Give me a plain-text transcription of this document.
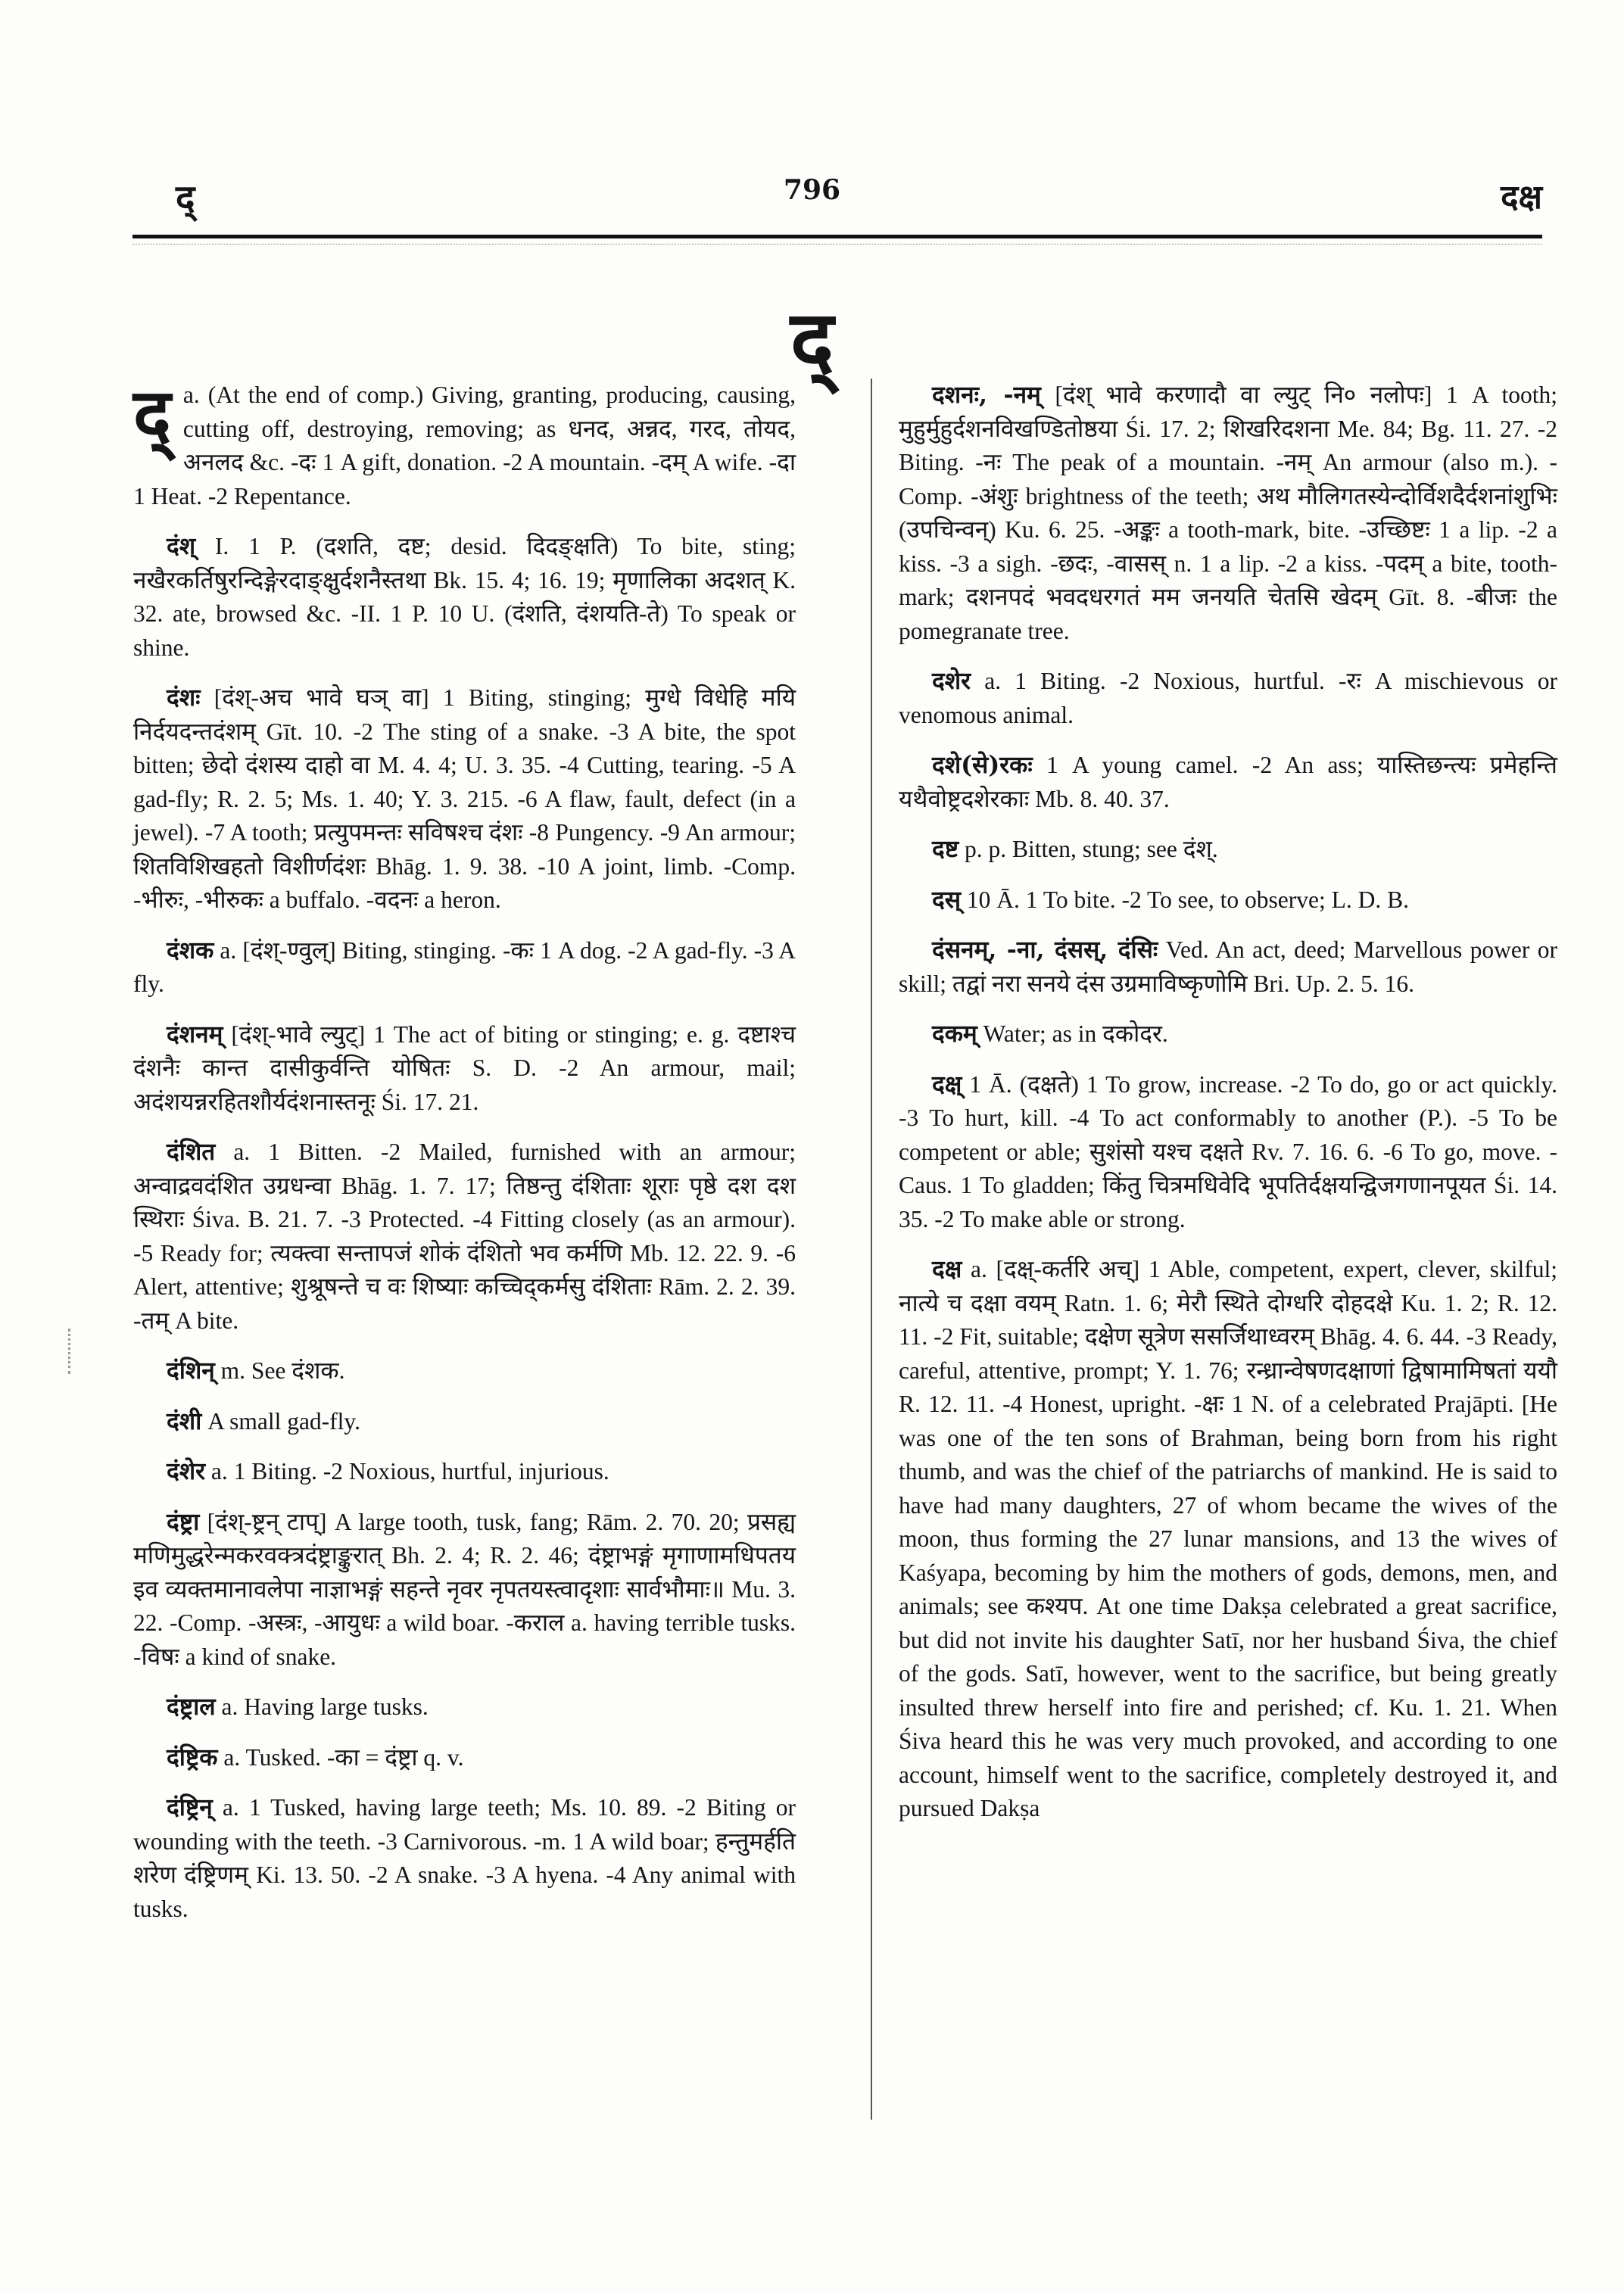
द्	796	दक्ष
द्

द्a. (At the end of comp.) Giving, granting, producing, causing, cutting off, destroying, removing; as धनद, अन्नद, गरद, तोयद, अनलद &c. -दः 1 A gift, donation. -2 A mountain. -दम् A wife. -दा 1 Heat. -2 Repentance.

दंश् I. 1 P. (दशति, दष्ट; desid. दिदङ्क्षति) To bite, sting; नखैरकर्तिषुरन्दिङ्गेरदाङ्क्षुर्दशनैस्तथा Bk. 15. 4; 16. 19; मृणालिका अदशत् K. 32. ate, browsed &c. -II. 1 P. 10 U. (दंशति, दंशयति-ते) To speak or shine.

दंशः [दंश्-अच भावे घञ् वा] 1 Biting, stinging; मुग्धे विधेहि मयि निर्दयदन्तदंशम् Gīt. 10. -2 The sting of a snake. -3 A bite, the spot bitten; छेदो दंशस्य दाहो वा M. 4. 4; U. 3. 35. -4 Cutting, tearing. -5 A gad-fly; R. 2. 5; Ms. 1. 40; Y. 3. 215. -6 A flaw, fault, defect (in a jewel). -7 A tooth; प्रत्युपमन्तः सविषश्च दंशः -8 Pungency. -9 An armour; शितविशिखहतो विशीर्णदंशः Bhāg. 1. 9. 38. -10 A joint, limb. -Comp. -भीरुः, -भीरुकः a buffalo. -वदनः a heron.

दंशक a. [दंश्-ण्वुल्] Biting, stinging. -कः 1 A dog. -2 A gad-fly. -3 A fly.

दंशनम् [दंश्-भावे ल्युट्] 1 The act of biting or stinging; e. g. दष्टाश्च दंशनैः कान्त दासीकुर्वन्ति योषितः S. D. -2 An armour, mail; अदंशयन्नरहितशौर्यदंशनास्तनूः Śi. 17. 21.

दंशित a. 1 Bitten. -2 Mailed, furnished with an armour; अन्वाद्रवदंशित उग्रधन्वा Bhāg. 1. 7. 17; तिष्ठन्तु दंशिताः शूराः पृष्ठे दश दश स्थिराः Śiva. B. 21. 7. -3 Protected. -4 Fitting closely (as an armour). -5 Ready for; त्यक्त्वा सन्तापजं शोकं दंशितो भव कर्मणि Mb. 12. 22. 9. -6 Alert, attentive; शुश्रूषन्ते च वः शिष्याः कच्चिद्कर्मसु दंशिताः Rām. 2. 2. 39. -तम् A bite.

दंशिन् m. See दंशक.

दंशी A small gad-fly.

दंशेर a. 1 Biting. -2 Noxious, hurtful, injurious.

दंष्ट्रा [दंश्-ष्ट्रन् टाप्] A large tooth, tusk, fang; Rām. 2. 70. 20; प्रसह्य मणिमुद्धरेन्मकरवक्त्रदंष्ट्राङ्कुरात् Bh. 2. 4; R. 2. 46; दंष्ट्राभङ्गं मृगाणामधिपतय इव व्यक्तमानावलेपा नाज्ञाभङ्गं सहन्ते नृवर नृपतयस्त्वादृशाः सार्वभौमाः॥ Mu. 3. 22. -Comp. -अस्त्रः, -आयुधः a wild boar. -कराल a. having terrible tusks. -विषः a kind of snake.

दंष्ट्राल a. Having large tusks.

दंष्ट्रिक a. Tusked. -का = दंष्ट्रा q. v.

दंष्ट्रिन् a. 1 Tusked, having large teeth; Ms. 10. 89. -2 Biting or wounding with the teeth. -3 Carnivorous. -m. 1 A wild boar; हन्तुमर्हति शरेण दंष्ट्रिणम् Ki. 13. 50. -2 A snake. -3 A hyena. -4 Any animal with tusks.

दशनः, -नम् [दंश् भावे करणादौ वा ल्युट् नि० नलोपः] 1 A tooth; मुहुर्मुहुर्दशनविखण्डितोष्ठया Śi. 17. 2; शिखरिदशना Me. 84; Bg. 11. 27. -2 Biting. -नः The peak of a mountain. -नम् An armour (also m.). -Comp. -अंशुः brightness of the teeth; अथ मौलिगतस्येन्दोर्विशदैर्दशनांशुभिः (उपचिन्वन्) Ku. 6. 25. -अङ्कः a tooth-mark, bite. -उच्छिष्टः 1 a lip. -2 a kiss. -3 a sigh. -छदः, -वासस् n. 1 a lip. -2 a kiss. -पदम् a bite, tooth-mark; दशनपदं भवदधरगतं मम जनयति चेतसि खेदम् Gīt. 8. -बीजः the pomegranate tree.

दशेर a. 1 Biting. -2 Noxious, hurtful. -रः A mischievous or venomous animal.

दशे(से)रकः 1 A young camel. -2 An ass; यास्तिछन्त्यः प्रमेहन्ति यथैवोष्ट्रदशेरकाः Mb. 8. 40. 37.

दष्ट p. p. Bitten, stung; see दंश्.

दस् 10 Ā. 1 To bite. -2 To see, to observe; L. D. B.

दंसनम्, -ना, दंसस्, दंसिः Ved. An act, deed; Marvellous power or skill; तद्वां नरा सनये दंस उग्रमाविष्कृणोमि Bri. Up. 2. 5. 16.

दकम् Water; as in दकोदर.

दक्ष् 1 Ā. (दक्षते) 1 To grow, increase. -2 To do, go or act quickly. -3 To hurt, kill. -4 To act conformably to another (P.). -5 To be competent or able; सुशंसो यश्च दक्षते Rv. 7. 16. 6. -6 To go, move. -Caus. 1 To gladden; किंतु चित्रमधिवेदि भूपतिर्दक्षयन्द्विजगणानपूयत Śi. 14. 35. -2 To make able or strong.

दक्ष a. [दक्ष्-कर्तरि अच्] 1 Able, competent, expert, clever, skilful; नात्ये च दक्षा वयम् Ratn. 1. 6; मेरौ स्थिते दोग्धरि दोहदक्षे Ku. 1. 2; R. 12. 11. -2 Fit, suitable; दक्षेण सूत्रेण ससर्जिथाध्वरम् Bhāg. 4. 6. 44. -3 Ready, careful, attentive, prompt; Y. 1. 76; रन्ध्रान्वेषणदक्षाणां द्विषामामिषतां ययौ R. 12. 11. -4 Honest, upright. -क्षः 1 N. of a celebrated Prajāpti. [He was one of the ten sons of Brahman, being born from his right thumb, and was the chief of the patriarchs of mankind. He is said to have had many daughters, 27 of whom became the wives of the moon, thus forming the 27 lunar mansions, and 13 the wives of Kaśyapa, becoming by him the mothers of gods, demons, men, and animals; see कश्यप. At one time Dakṣa celebrated a great sacrifice, but did not invite his daughter Satī, nor her husband Śiva, the chief of the gods. Satī, however, went to the sacrifice, but being greatly insulted threw herself into fire and perished; cf. Ku. 1. 21. When Śiva heard this he was very much provoked, and according to one account, himself went to the sacrifice, completely destroyed it, and pursued Dakṣa
